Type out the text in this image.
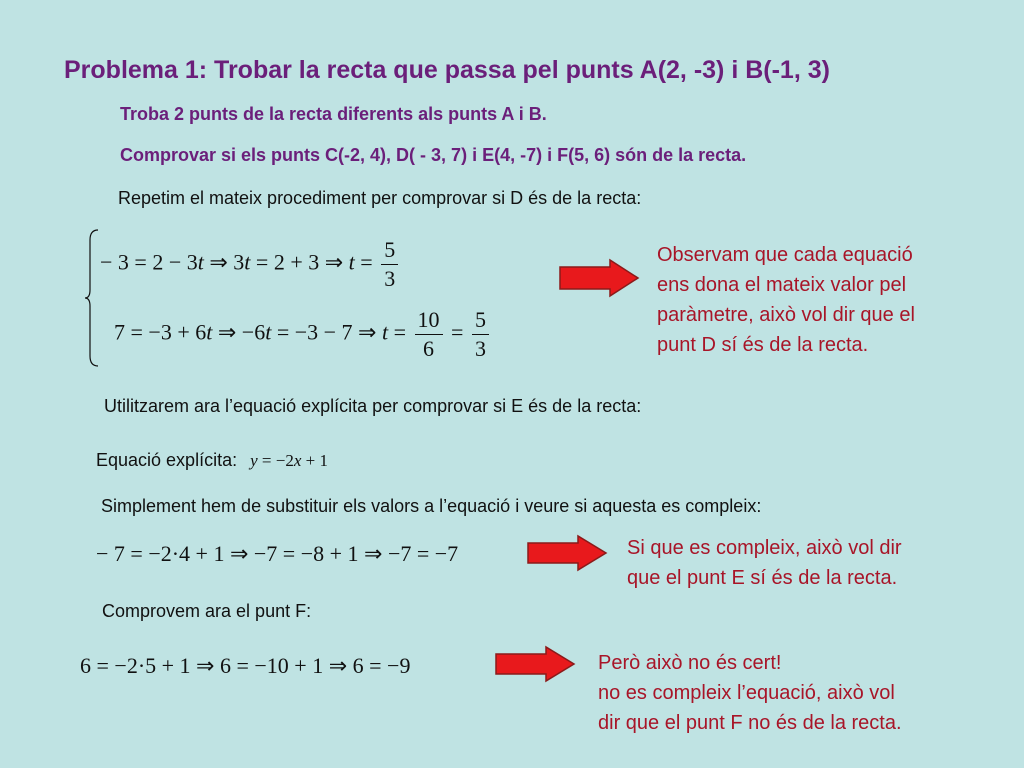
Problema 1: Trobar la recta que passa pel punts A(2, -3) i B(-1, 3)
Troba 2 punts de la recta diferents als punts A i B.
Comprovar si els punts C(-2, 4), D( - 3, 7) i E(4, -7) i F(5, 6) són de la recta.
Repetim el mateix procediment per comprovar si D és de la recta:
− 3 = 2 − 3t ⇒ 3t = 2 + 3 ⇒ $t = \frac{5}{3}$
7 = −3 + 6t ⇒ −6t = −3 − 7 ⇒ $t = \frac{10}{6} = \frac{5}{3}$
Observam que cada equació
ens dona el mateix valor pel
paràmetre, això vol dir que el
punt D sí és de la recta.
Utilitzarem ara l’equació explícita per comprovar si E és de la recta:
Equació explícita: y = −2x + 1
Simplement hem de substituir els valors a l’equació i veure si aquesta es compleix:
− 7 = −2·4 + 1 ⇒ −7 = −8 + 1 ⇒ −7 = −7	Si que es compleix, això vol dir
que el punt E sí és de la recta.
Comprovem ara el punt F:
6 = −2·5 + 1 ⇒ 6 = −10 + 1 ⇒ 6 = −9	Però això no és cert!
no es compleix l’equació, això vol
dir que el punt F no és de la recta.
